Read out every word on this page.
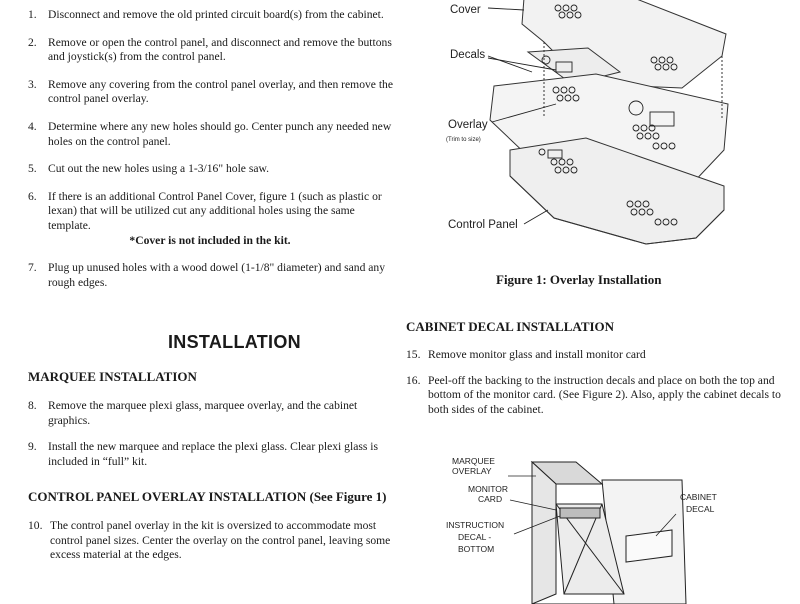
1. Disconnect and remove the old printed circuit board(s) from the cabinet.
2. Remove or open the control panel, and disconnect and remove the buttons and joystick(s) from the control panel.
3. Remove any covering from the control panel overlay, and then remove the control panel overlay.
4. Determine where any new holes should go. Center punch any needed new holes on the control panel.
5. Cut out the new holes using a 1-3/16" hole saw.
6. If there is an additional Control Panel Cover, figure 1 (such as plastic or lexan) that will be utilized cut any additional holes using the same template.
*Cover is not included in the kit.
7. Plug up unused holes with a wood dowel (1-1/8" diameter) and sand any rough edges.
INSTALLATION
MARQUEE INSTALLATION
8. Remove the marquee plexi glass, marquee overlay, and the cabinet graphics.
9. Install the new marquee and replace the plexi glass. Clear plexi glass is included in “full” kit.
CONTROL PANEL OVERLAY INSTALLATION (See Figure 1)
10. The control panel overlay in the kit is oversized to accommodate most control panel sizes. Center the overlay on the control panel, leaving some excess material at the edges.
Cover
Decals
Overlay
(Trim to size)
Control Panel

Figure 1: Overlay Installation

CABINET DECAL INSTALLATION
15. Remove monitor glass and install monitor card
16. Peel-off the backing to the instruction decals and place on both the top and bottom of the monitor card. (See Figure 2). Also, apply the cabinet decals to both sides of the cabinet.
MARQUEE
OVERLAY
MONITOR
CARD
INSTRUCTION
DECAL -
BOTTOM
CABINET
DECAL
